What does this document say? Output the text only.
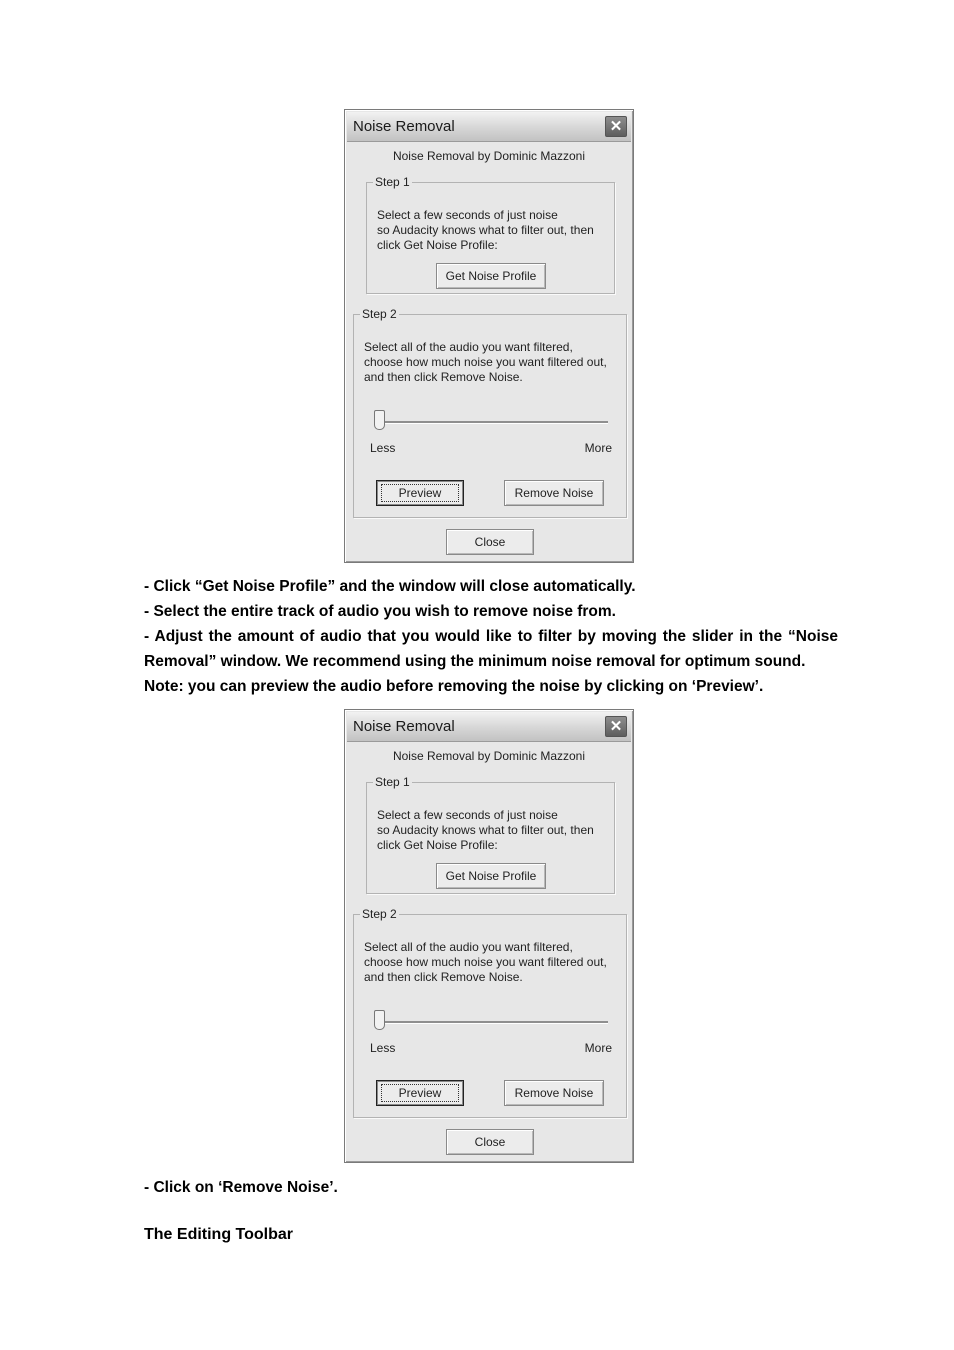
Noise Removal	✕
Noise Removal by Dominic Mazzoni
Step 1
Select a few seconds of just noise
so Audacity knows what to filter out, then
click Get Noise Profile:
Get Noise Profile
Step 2
Select all of the audio you want filtered,
choose how much noise you want filtered out,
and then click Remove Noise.
Less	More
Preview	Remove Noise
Close
- Click “Get Noise Profile” and the window will close automatically.
- Select the entire track of audio you wish to remove noise from.
- Adjust the amount of audio that you would like to filter by moving the slider in the “Noise Removal” window. We recommend using the minimum noise removal for optimum sound.
Note: you can preview the audio before removing the noise by clicking on ‘Preview’.
Noise Removal	✕
Noise Removal by Dominic Mazzoni
Step 1
Select a few seconds of just noise
so Audacity knows what to filter out, then
click Get Noise Profile:
Get Noise Profile
Step 2
Select all of the audio you want filtered,
choose how much noise you want filtered out,
and then click Remove Noise.
Less	More
Preview	Remove Noise
Close
- Click on ‘Remove Noise’.
The Editing Toolbar
